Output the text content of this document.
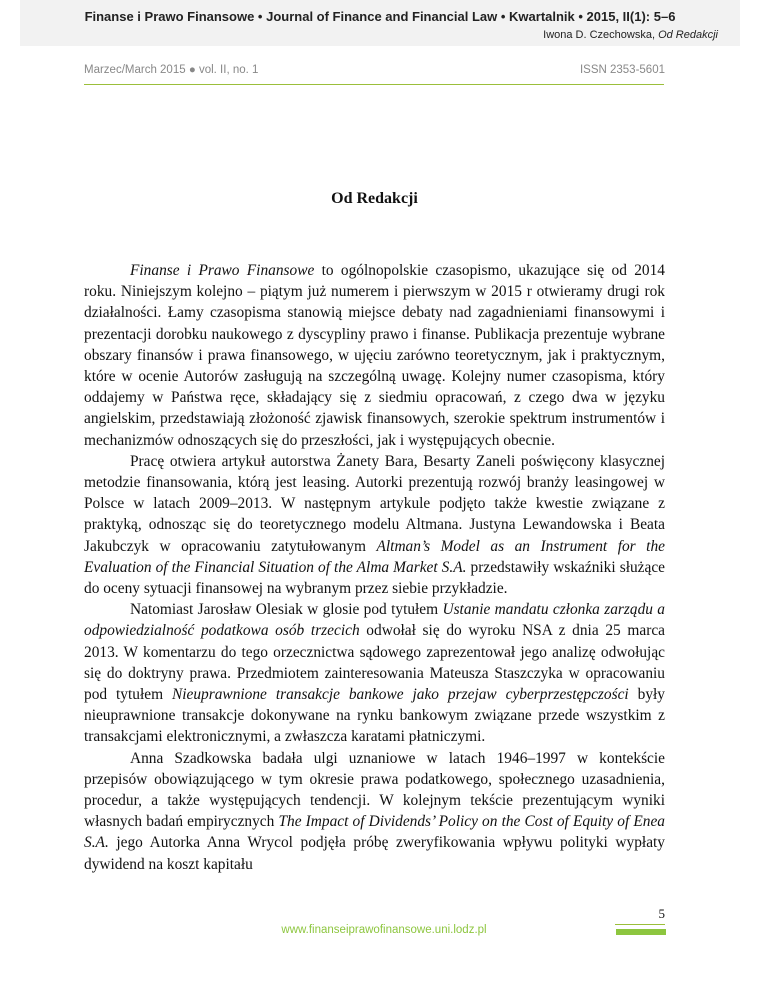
Finanse i Prawo Finansowe • Journal of Finance and Financial Law • Kwartalnik • 2015, II(1): 5–6
Iwona D. Czechowska, Od Redakcji
Marzec/March 2015 ● vol. II, no. 1	ISSN 2353-5601
Od Redakcji

Finanse i Prawo Finansowe to ogólnopolskie czasopismo, ukazujące się od 2014 roku. Niniejszym kolejno – piątym już numerem i pierwszym w 2015 r otwieramy drugi rok działalności. Łamy czasopisma stanowią miejsce debaty nad zagadnieniami finansowymi i prezentacji dorobku naukowego z dyscypliny prawo i finanse. Publikacja prezentuje wybrane obszary finansów i prawa finansowego, w ujęciu zarówno teoretycznym, jak i praktycznym, które w ocenie Autorów zasługują na szczególną uwagę. Kolejny numer czasopisma, który oddajemy w Państwa ręce, składający się z siedmiu opracowań, z czego dwa w języku angielskim, przedstawiają złożoność zjawisk finansowych, szerokie spektrum instrumentów i mechanizmów odnoszących się do przeszłości, jak i występujących obecnie.

Pracę otwiera artykuł autorstwa Żanety Bara, Besarty Zaneli poświęcony klasycznej metodzie finansowania, którą jest leasing. Autorki prezentują rozwój branży leasingowej w Polsce w latach 2009–2013. W następnym artykule podjęto także kwestie związane z praktyką, odnosząc się do teoretycznego modelu Altmana. Justyna Lewandowska i Beata Jakubczyk w opracowaniu zatytułowanym Altman’s Model as an Instrument for the Evaluation of the Financial Situation of the Alma Market S.A. przedstawiły wskaźniki służące do oceny sytuacji finansowej na wybranym przez siebie przykładzie.

Natomiast Jarosław Olesiak w glosie pod tytułem Ustanie mandatu członka zarządu a odpowiedzialność podatkowa osób trzecich odwołał się do wyroku NSA z dnia 25 marca 2013. W komentarzu do tego orzecznictwa sądowego zaprezentował jego analizę odwołując się do doktryny prawa. Przedmiotem zainteresowania Mateusza Staszczyka w opracowaniu pod tytułem Nieuprawnione transakcje bankowe jako przejaw cyberprzestępczości były nieuprawnione transakcje dokonywane na rynku bankowym związane przede wszystkim z transakcjami elektronicznymi, a zwłaszcza karatami płatniczymi.

Anna Szadkowska badała ulgi uznaniowe w latach 1946–1997 w kontekście przepisów obowiązującego w tym okresie prawa podatkowego, społecznego uzasadnienia, procedur, a także występujących tendencji. W kolejnym tekście prezentującym wyniki własnych badań empirycznych The Impact of Dividends’ Policy on the Cost of Equity of Enea S.A. jego Autorka Anna Wrycol podjęła próbę zweryfikowania wpływu polityki wypłaty dywidend na koszt kapitału

5
www.finanseiprawofinansowe.uni.lodz.pl
